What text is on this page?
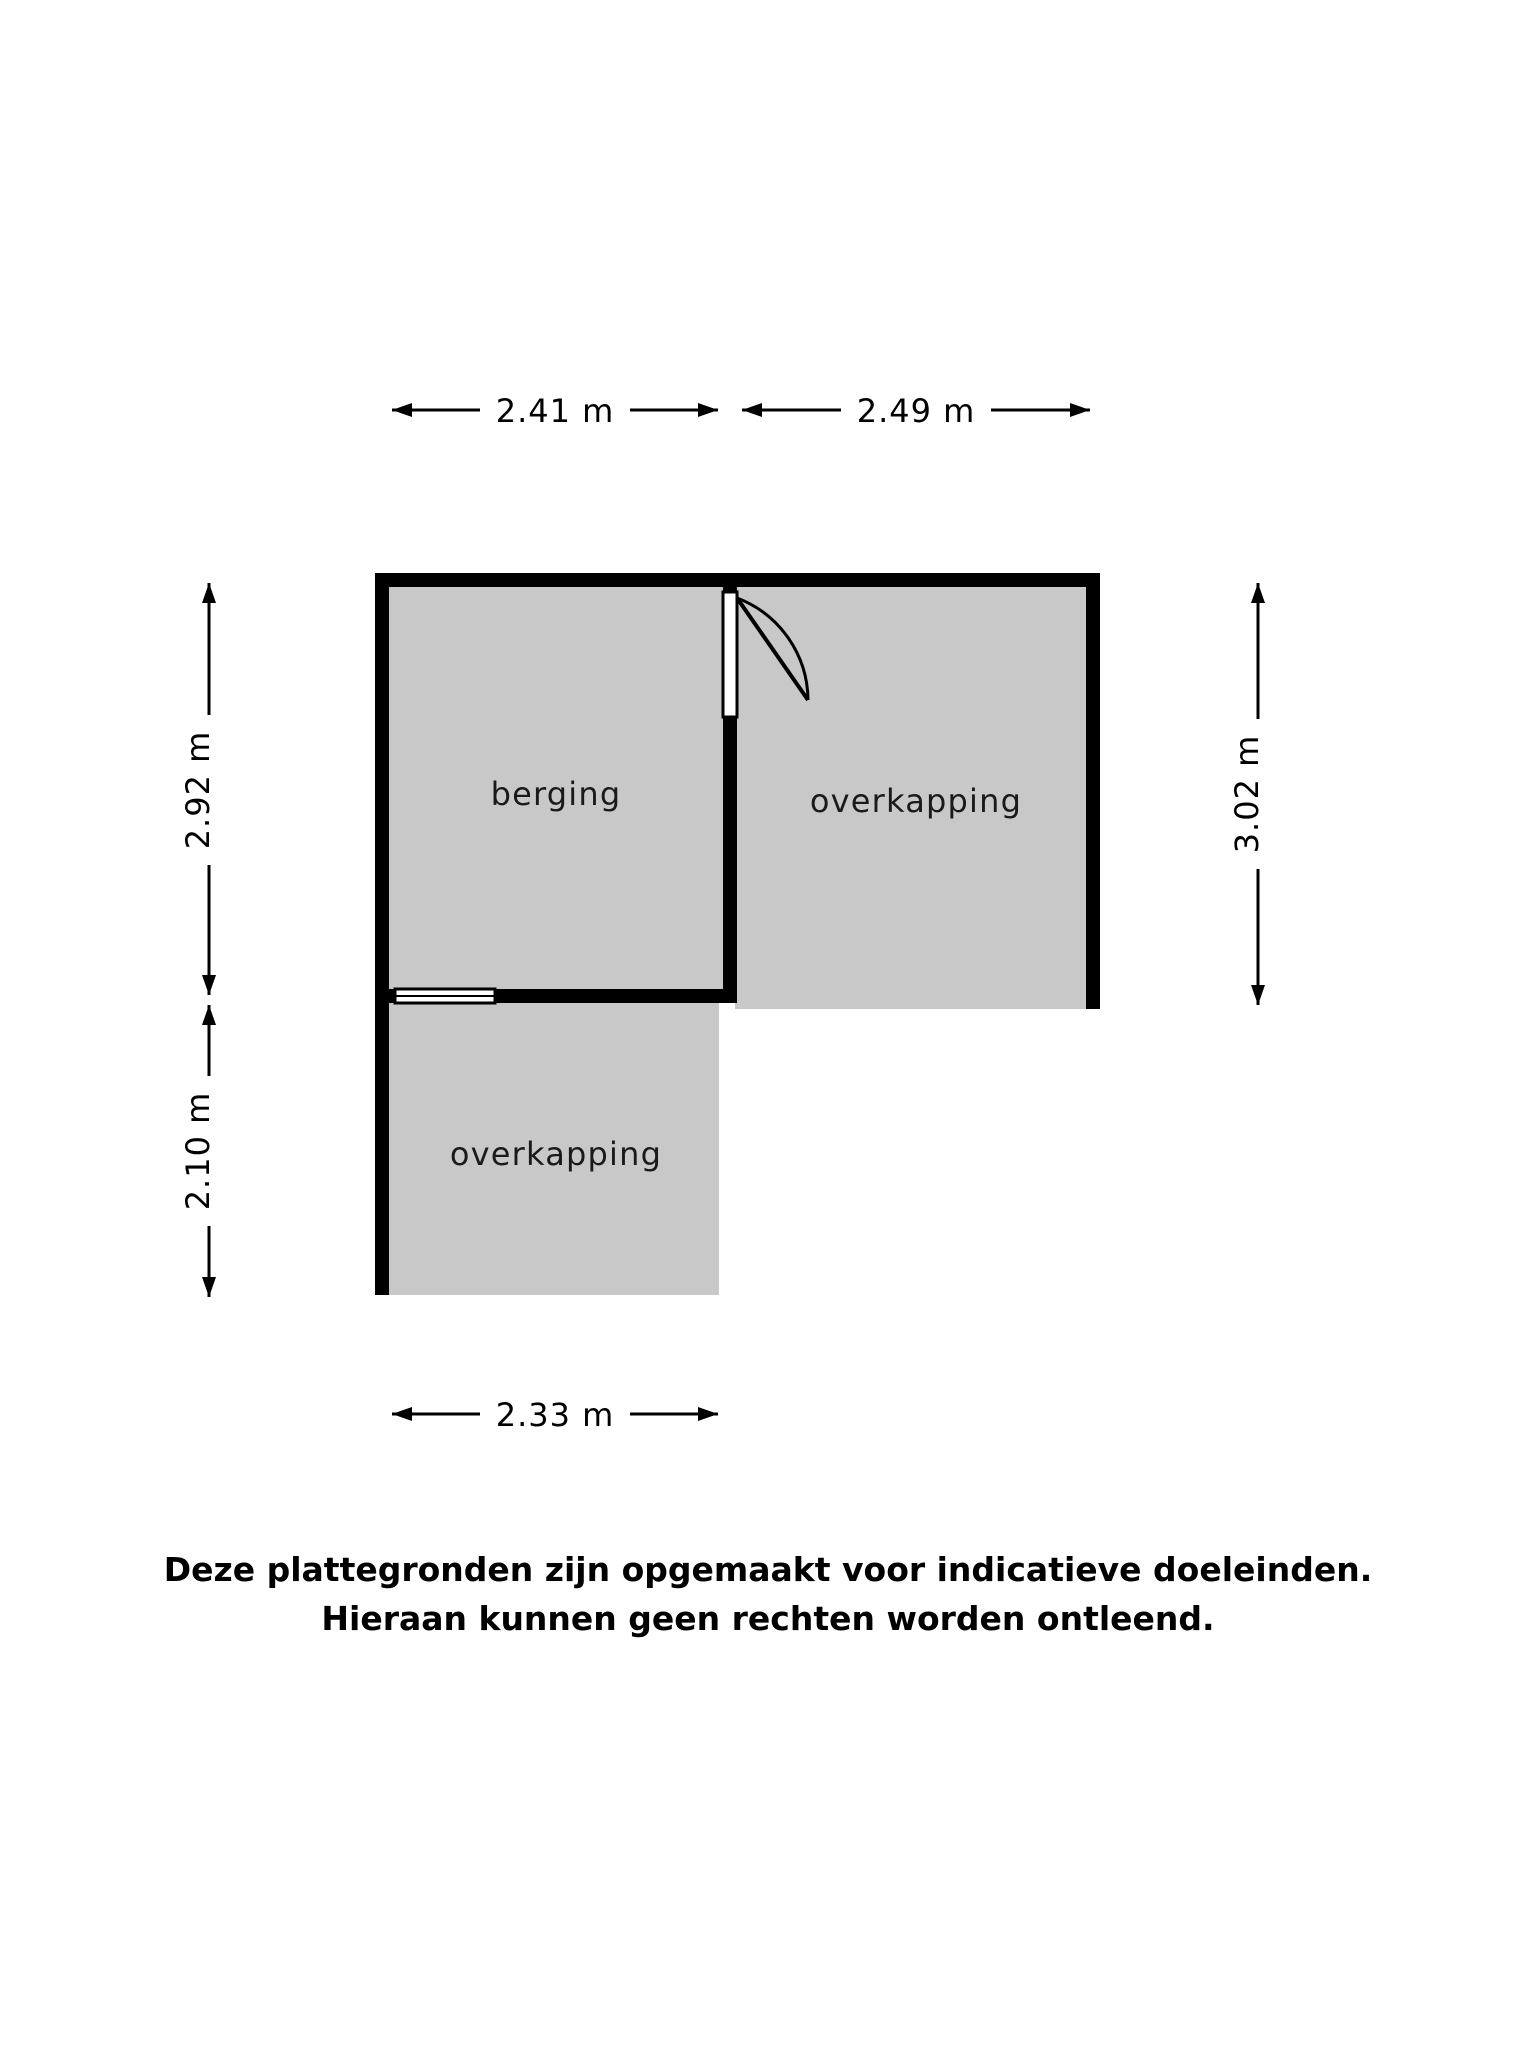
berging	overkapping
overkapping
2.41 m	2.49 m
2.92 m
2.10 m
3.02 m
2.33 m
Deze plattegronden zijn opgemaakt voor indicatieve doeleinden.
Hieraan kunnen geen rechten worden ontleend.
